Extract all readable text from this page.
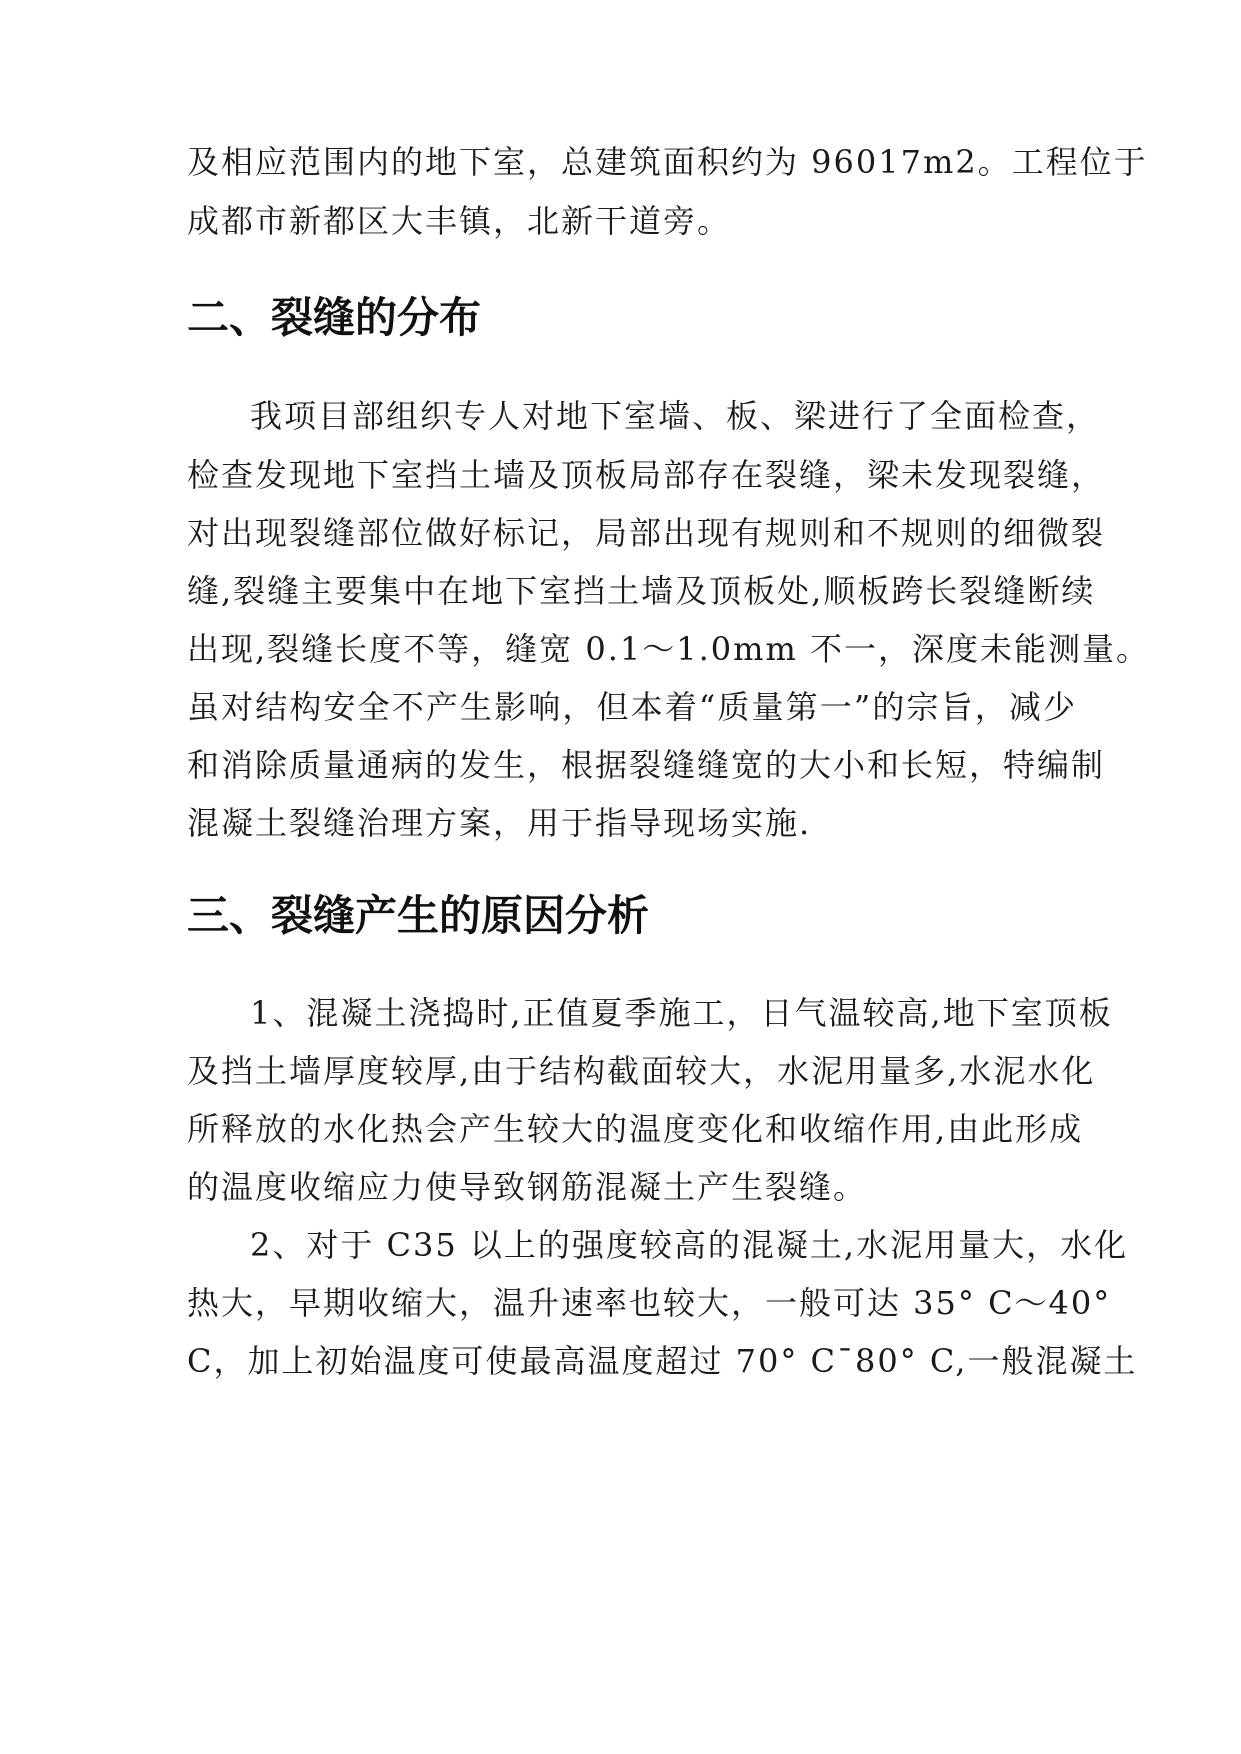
及相应范围内的地下室，总建筑面积约为 96017m2。工程位于
成都市新都区大丰镇，北新干道旁。
二、裂缝的分布
我项目部组织专人对地下室墙、板、梁进行了全面检查，
检查发现地下室挡土墙及顶板局部存在裂缝，梁未发现裂缝，
对出现裂缝部位做好标记，局部出现有规则和不规则的细微裂
缝,裂缝主要集中在地下室挡土墙及顶板处,顺板跨长裂缝断续
出现,裂缝长度不等，缝宽 0.1～1.0mm 不一，深度未能测量。
虽对结构安全不产生影响，但本着“质量第一”的宗旨，减少
和消除质量通病的发生，根据裂缝缝宽的大小和长短，特编制
混凝土裂缝治理方案，用于指导现场实施.
三、裂缝产生的原因分析
1、混凝土浇捣时,正值夏季施工，日气温较高,地下室顶板
及挡土墙厚度较厚,由于结构截面较大，水泥用量多,水泥水化
所释放的水化热会产生较大的温度变化和收缩作用,由此形成
的温度收缩应力使导致钢筋混凝土产生裂缝。
2、对于 C35 以上的强度较高的混凝土,水泥用量大，水化
热大，早期收缩大，温升速率也较大，一般可达 35° C～40°
C，加上初始温度可使最高温度超过 70° C¯80° C,一般混凝土
